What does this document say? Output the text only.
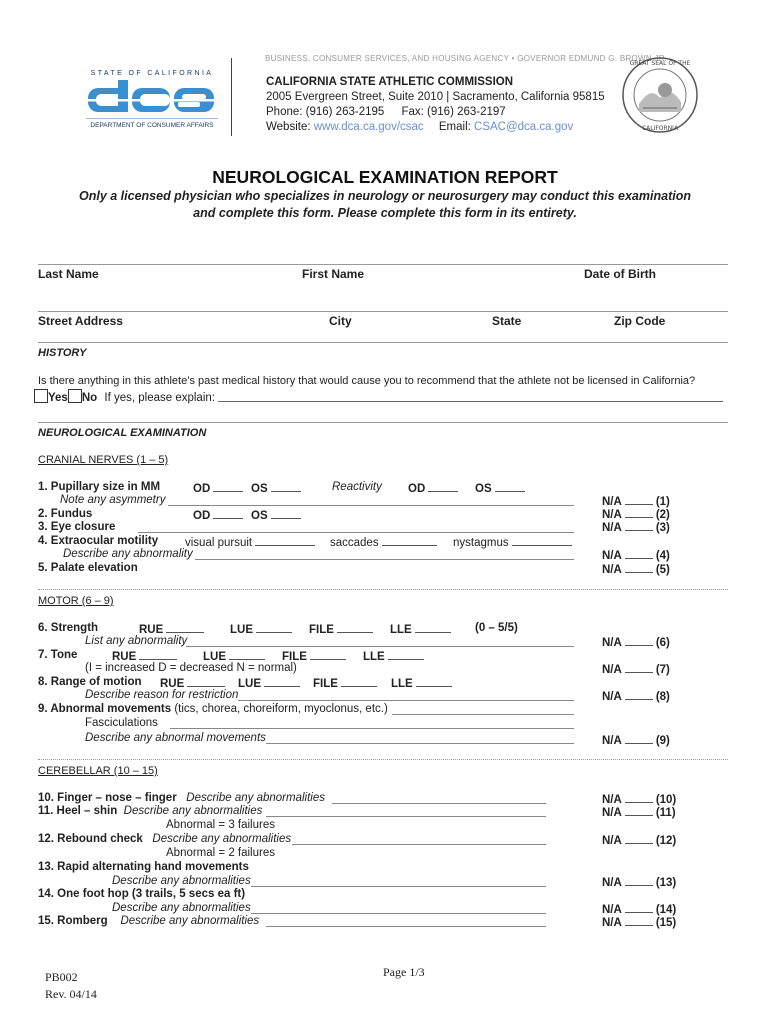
BUSINESS, CONSUMER SERVICES, AND HOUSING AGENCY • GOVERNOR EDMUND G. BROWN JR.
STATE OF CALIFORNIA
DEPARTMENT OF CONSUMER AFFAIRS
CALIFORNIA STATE ATHLETIC COMMISSION
2005 Evergreen Street, Suite 2010 | Sacramento, California 95815
Phone: (916) 263-2195 Fax: (916) 263-2197
Website: www.dca.ca.gov/csac Email: CSAC@dca.ca.gov
GREAT SEAL OF THE
CALIFORNIA
NEUROLOGICAL EXAMINATION REPORT
Only a licensed physician who specializes in neurology or neurosurgery may conduct this examination
and complete this form. Please complete this form in its entirety.
Last Name	First Name	Date of Birth
Street Address	City	State	Zip Code
HISTORY
Is there anything in this athlete’s past medical history that would cause you to recommend that the athlete not be licensed in California?
Yes No If yes, please explain:
NEUROLOGICAL EXAMINATION
CRANIAL NERVES (1 – 5)
1. Pupillary size in MM	OD	OS	Reactivity OD	OS
Note any asymmetry
2. Fundus	OD	OS
3. Eye closure
4. Extraocular motility visual pursuit	saccades	nystagmus
Describe any abnormality
5. Palate elevation
N/A	(1)
N/A	(2)
N/A	(3)
N/A	(4)
N/A	(5)
MOTOR (6 – 9)
6. Strength	RUE	LUE	FILE	LLE	(0 – 5/5)
List any abnormality
7. Tone	RUE	LUE	FILE	LLE
(I = increased D = decreased N = normal)
8. Range of motion RUE	LUE	FILE	LLE
Describe reason for restriction
9. Abnormal movements (tics, chorea, choreiform, myoclonus, etc.)
Fasciculations
Describe any abnormal movements
N/A	(6)
N/A	(7)
N/A	(8)
N/A	(9)
CEREBELLAR (10 – 15)
10. Finger – nose – finger Describe any abnormalities
11. Heel – shin Describe any abnormalities
Abnormal = 3 failures
12. Rebound check Describe any abnormalities
Abnormal = 2 failures
13. Rapid alternating hand movements
Describe any abnormalities
14. One foot hop (3 trails, 5 secs ea ft)
Describe any abnormalities
15. Romberg Describe any abnormalities
N/A	(10)
N/A	(11)
N/A	(12)
N/A	(13)
N/A	(14)
N/A	(15)
PB002
Rev. 04/14
Page 1/3
